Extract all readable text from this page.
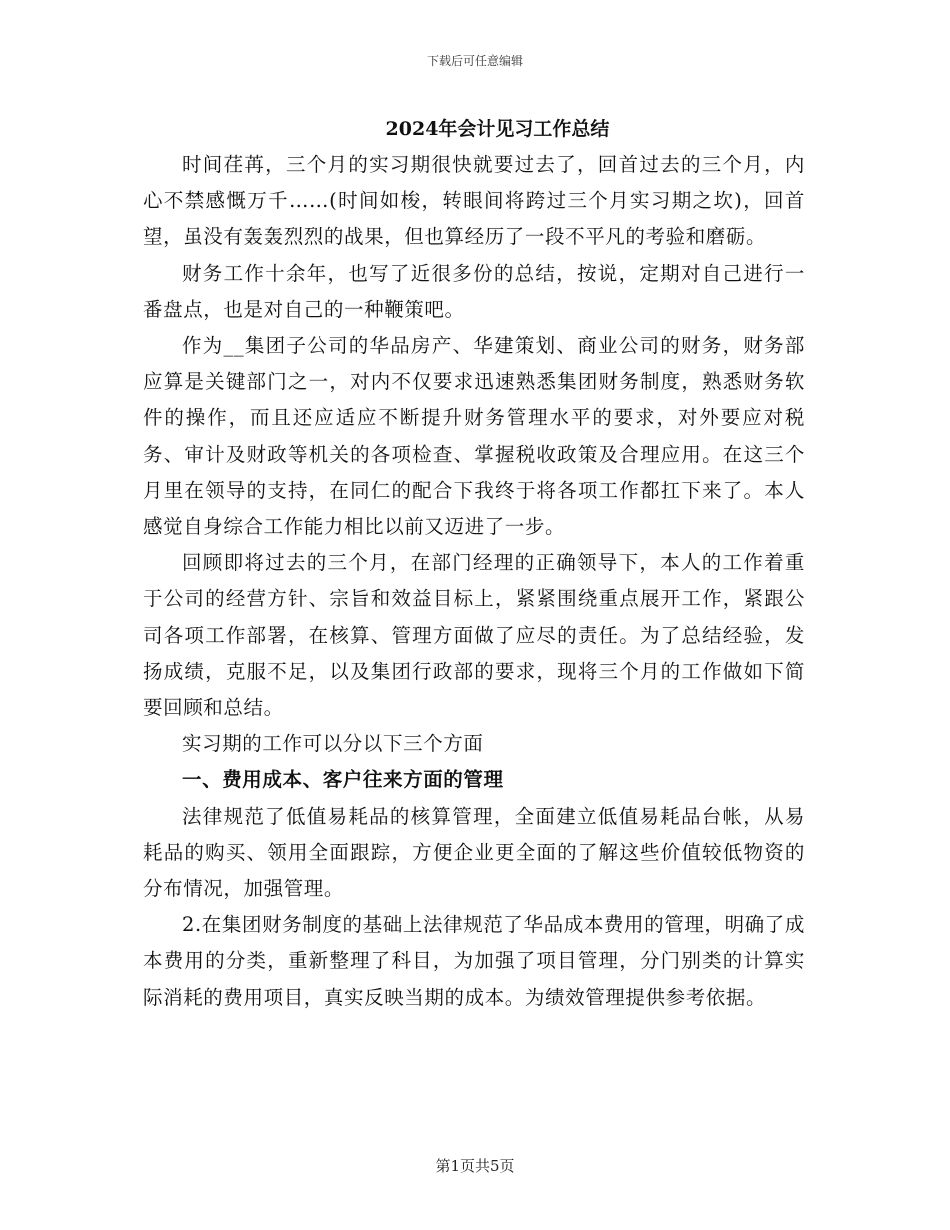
下载后可任意编辑
2024年会计见习工作总结

时间荏苒，三个月的实习期很快就要过去了，回首过去的三个月，内心不禁感慨万千……(时间如梭，转眼间将跨过三个月实习期之坎)，回首望，虽没有轰轰烈烈的战果，但也算经历了一段不平凡的考验和磨砺。

财务工作十余年，也写了近很多份的总结，按说，定期对自己进行一番盘点，也是对自己的一种鞭策吧。

作为__集团子公司的华品房产、华建策划、商业公司的财务，财务部应算是关键部门之一，对内不仅要求迅速熟悉集团财务制度，熟悉财务软件的操作，而且还应适应不断提升财务管理水平的要求，对外要应对税务、审计及财政等机关的各项检查、掌握税收政策及合理应用。在这三个月里在领导的支持，在同仁的配合下我终于将各项工作都扛下来了。本人感觉自身综合工作能力相比以前又迈进了一步。

回顾即将过去的三个月，在部门经理的正确领导下，本人的工作着重于公司的经营方针、宗旨和效益目标上，紧紧围绕重点展开工作，紧跟公司各项工作部署，在核算、管理方面做了应尽的责任。为了总结经验，发扬成绩，克服不足，以及集团行政部的要求，现将三个月的工作做如下简要回顾和总结。

实习期的工作可以分以下三个方面

一、费用成本、客户往来方面的管理

法律规范了低值易耗品的核算管理，全面建立低值易耗品台帐，从易耗品的购买、领用全面跟踪，方便企业更全面的了解这些价值较低物资的分布情况，加强管理。

2.在集团财务制度的基础上法律规范了华品成本费用的管理，明确了成本费用的分类，重新整理了科目，为加强了项目管理，分门别类的计算实际消耗的费用项目，真实反映当期的成本。为绩效管理提供参考依据。

第1页共5页
